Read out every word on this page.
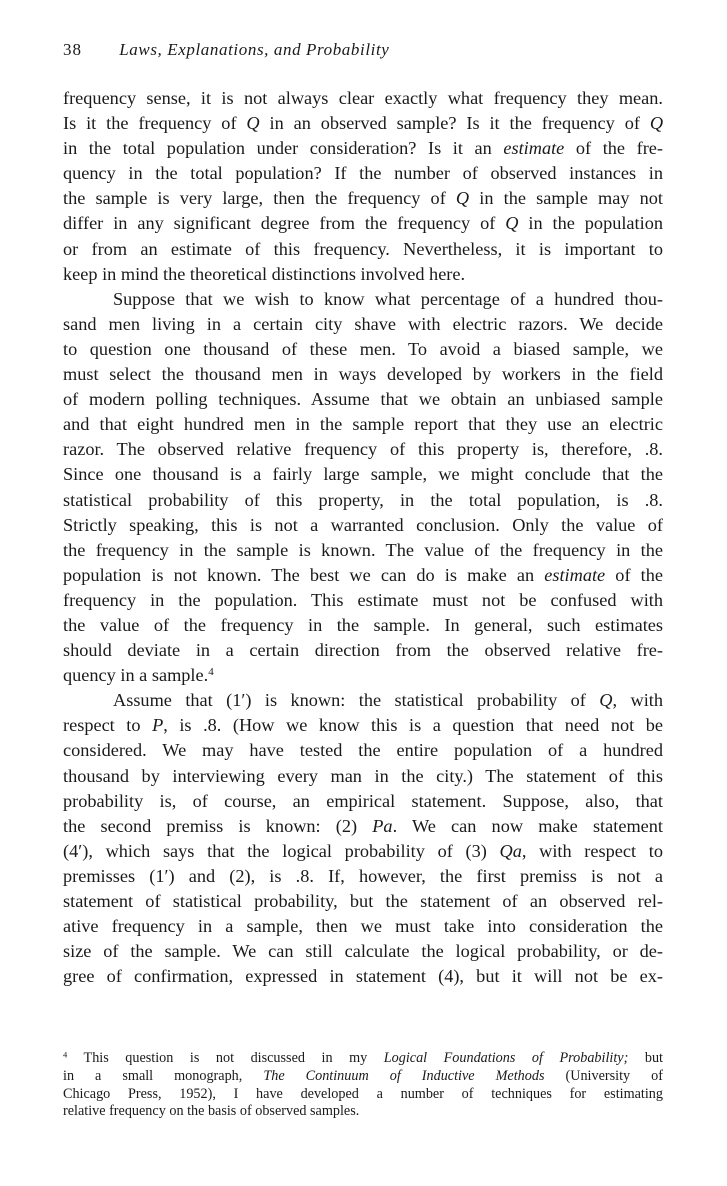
38 Laws, Explanations, and Probability
frequency sense, it is not always clear exactly what frequency they mean.
Is it the frequency of Q in an observed sample? Is it the frequency of Q
in the total population under consideration? Is it an estimate of the fre-
quency in the total population? If the number of observed instances in
the sample is very large, then the frequency of Q in the sample may not
differ in any significant degree from the frequency of Q in the population
or from an estimate of this frequency. Nevertheless, it is important to
keep in mind the theoretical distinctions involved here.
Suppose that we wish to know what percentage of a hundred thou-
sand men living in a certain city shave with electric razors. We decide
to question one thousand of these men. To avoid a biased sample, we
must select the thousand men in ways developed by workers in the field
of modern polling techniques. Assume that we obtain an unbiased sample
and that eight hundred men in the sample report that they use an electric
razor. The observed relative frequency of this property is, therefore, .8.
Since one thousand is a fairly large sample, we might conclude that the
statistical probability of this property, in the total population, is .8.
Strictly speaking, this is not a warranted conclusion. Only the value of
the frequency in the sample is known. The value of the frequency in the
population is not known. The best we can do is make an estimate of the
frequency in the population. This estimate must not be confused with
the value of the frequency in the sample. In general, such estimates
should deviate in a certain direction from the observed relative fre-
quency in a sample.$^4$
Assume that (1′) is known: the statistical probability of Q, with
respect to P, is .8. (How we know this is a question that need not be
considered. We may have tested the entire population of a hundred
thousand by interviewing every man in the city.) The statement of this
probability is, of course, an empirical statement. Suppose, also, that
the second premiss is known: (2) Pa. We can now make statement
(4′), which says that the logical probability of (3) Qa, with respect to
premisses (1′) and (2), is .8. If, however, the first premiss is not a
statement of statistical probability, but the statement of an observed rel-
ative frequency in a sample, then we must take into consideration the
size of the sample. We can still calculate the logical probability, or de-
gree of confirmation, expressed in statement (4), but it will not be ex-
$^4$ This question is not discussed in my Logical Foundations of Probability; but
in a small monograph, The Continuum of Inductive Methods (University of
Chicago Press, 1952), I have developed a number of techniques for estimating
relative frequency on the basis of observed samples.
